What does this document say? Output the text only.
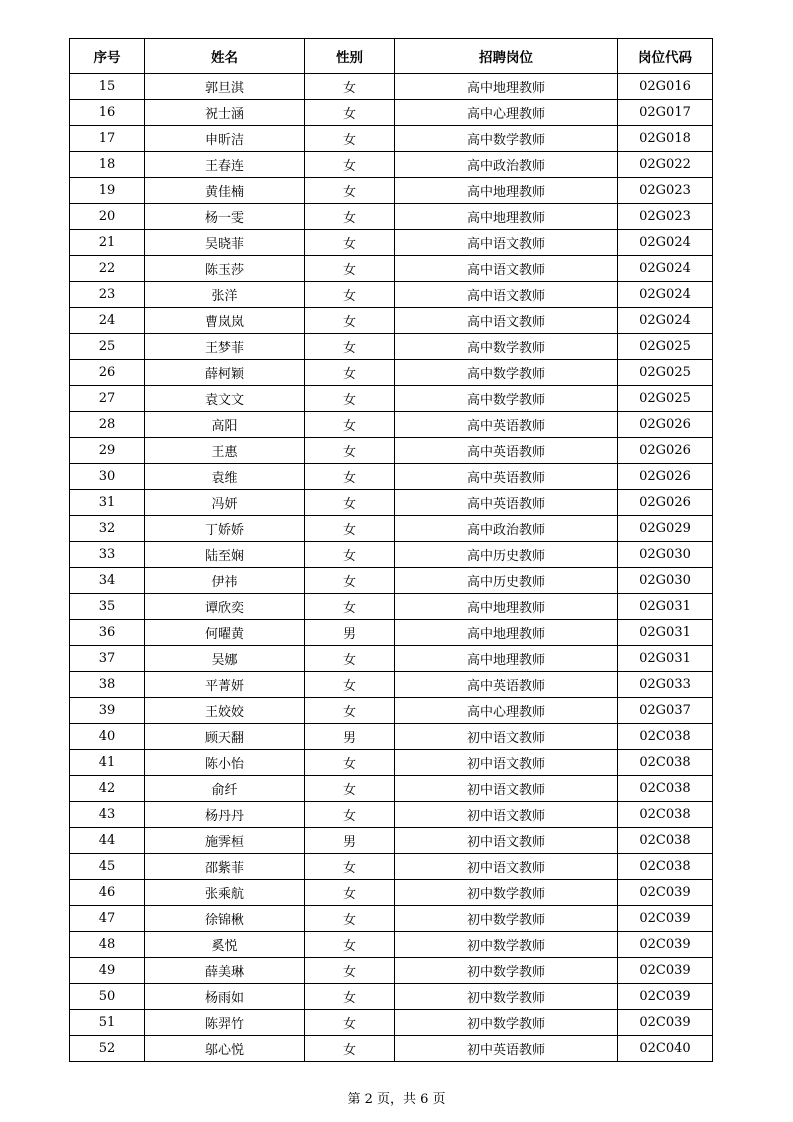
序号	姓名	性别	招聘岗位	岗位代码
15	郭旦淇	女	高中地理教师	02G016
16	祝士涵	女	高中心理教师	02G017
17	申昕洁	女	高中数学教师	02G018
18	王春连	女	高中政治教师	02G022
19	黄佳楠	女	高中地理教师	02G023
20	杨一雯	女	高中地理教师	02G023
21	吴晓菲	女	高中语文教师	02G024
22	陈玉莎	女	高中语文教师	02G024
23	张洋	女	高中语文教师	02G024
24	曹岚岚	女	高中语文教师	02G024
25	王梦菲	女	高中数学教师	02G025
26	薛柯颖	女	高中数学教师	02G025
27	袁文文	女	高中数学教师	02G025
28	高阳	女	高中英语教师	02G026
29	王惠	女	高中英语教师	02G026
30	袁维	女	高中英语教师	02G026
31	冯妍	女	高中英语教师	02G026
32	丁娇娇	女	高中政治教师	02G029
33	陆至娴	女	高中历史教师	02G030
34	伊祎	女	高中历史教师	02G030
35	谭欣奕	女	高中地理教师	02G031
36	何曜黄	男	高中地理教师	02G031
37	吴娜	女	高中地理教师	02G031
38	平菁妍	女	高中英语教师	02G033
39	王姣姣	女	高中心理教师	02G037
40	顾天翻	男	初中语文教师	02C038
41	陈小怡	女	初中语文教师	02C038
42	俞纤	女	初中语文教师	02C038
43	杨丹丹	女	初中语文教师	02C038
44	施霁桓	男	初中语文教师	02C038
45	邵紫菲	女	初中语文教师	02C038
46	张乘航	女	初中数学教师	02C039
47	徐锦楸	女	初中数学教师	02C039
48	奚悦	女	初中数学教师	02C039
49	薛美琳	女	初中数学教师	02C039
50	杨雨如	女	初中数学教师	02C039
51	陈羿竹	女	初中数学教师	02C039
52	邬心悦	女	初中英语教师	02C040
第 2 页，共 6 页
